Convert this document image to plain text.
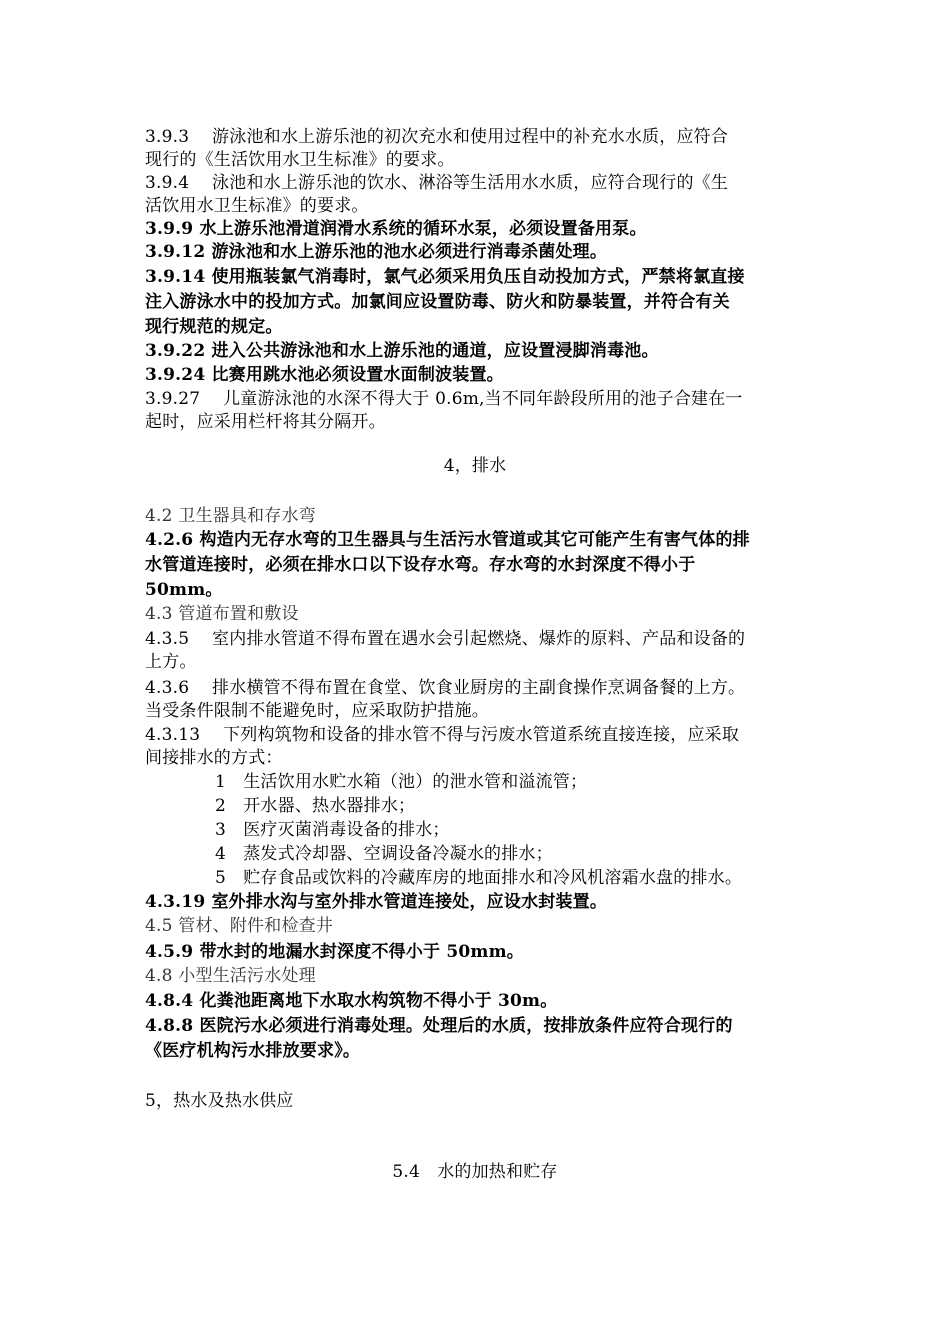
3.9.3　 游泳池和水上游乐池的初次充水和使用过程中的补充水水质，应符合
现行的《生活饮用水卫生标准》的要求。
3.9.4　 泳池和水上游乐池的饮水、淋浴等生活用水水质，应符合现行的《生
活饮用水卫生标准》的要求。
3.9.9 水上游乐池滑道润滑水系统的循环水泵，必须设置备用泵。
3.9.12 游泳池和水上游乐池的池水必须进行消毒杀菌处理。
3.9.14 使用瓶装氯气消毒时，氯气必须采用负压自动投加方式，严禁将氯直接
注入游泳水中的投加方式。加氯间应设置防毒、防火和防暴装置，并符合有关
现行规范的规定。
3.9.22 进入公共游泳池和水上游乐池的通道，应设置浸脚消毒池。
3.9.24 比赛用跳水池必须设置水面制波装置。
3.9.27　 儿童游泳池的水深不得大于 0.6m,当不同年龄段所用的池子合建在一
起时，应采用栏杆将其分隔开。
4，排水
4.2 卫生器具和存水弯
4.2.6 构造内无存水弯的卫生器具与生活污水管道或其它可能产生有害气体的排
水管道连接时，必须在排水口以下设存水弯。存水弯的水封深度不得小于
50mm。
4.3 管道布置和敷设
4.3.5　 室内排水管道不得布置在遇水会引起燃烧、爆炸的原料、产品和设备的
上方。
4.3.6　 排水横管不得布置在食堂、饮食业厨房的主副食操作烹调备餐的上方。
当受条件限制不能避免时，应采取防护措施。
4.3.13　 下列构筑物和设备的排水管不得与污废水管道系统直接连接，应采取
间接排水的方式：
1　生活饮用水贮水箱（池）的泄水管和溢流管；
2　开水器、热水器排水；
3　医疗灭菌消毒设备的排水；
4　蒸发式冷却器、空调设备冷凝水的排水；
5　贮存食品或饮料的冷藏库房的地面排水和冷风机溶霜水盘的排水。
4.3.19 室外排水沟与室外排水管道连接处，应设水封装置。
4.5 管材、附件和检查井
4.5.9 带水封的地漏水封深度不得小于 50mm。
4.8 小型生活污水处理
4.8.4 化粪池距离地下水取水构筑物不得小于 30m。
4.8.8 医院污水必须进行消毒处理。处理后的水质，按排放条件应符合现行的
《医疗机构污水排放要求》。
5，热水及热水供应
5.4　水的加热和贮存
